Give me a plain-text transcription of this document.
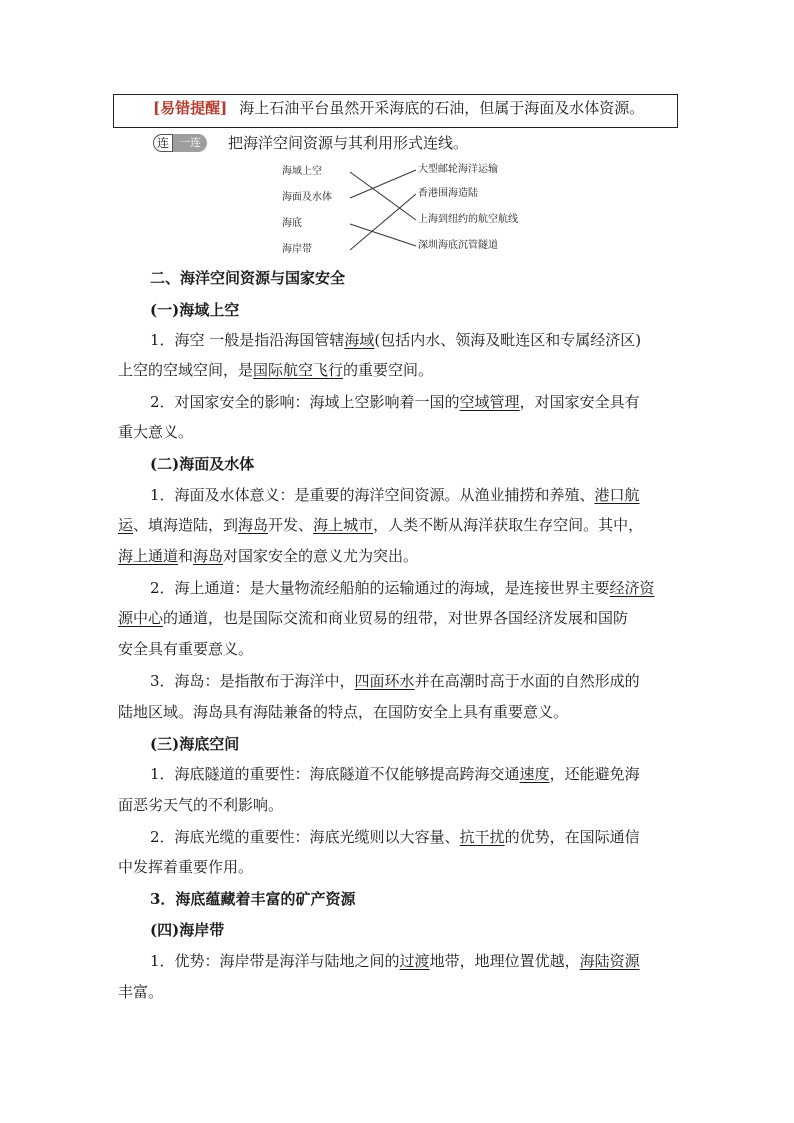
[易错提醒] 海上石油平台虽然开采海底的石油，但属于海面及水体资源。
连 一连	把海洋空间资源与其利用形式连线。
海域上空
海面及水体
海底
海岸带
大型邮轮海洋运输
香港围海造陆
上海到纽约的航空航线
深圳海底沉管隧道
二、海洋空间资源与国家安全
(一)海域上空
1．海空 一般是指沿海国管辖海域(包括内水、领海及毗连区和专属经济区)
上空的空域空间，是国际航空飞行的重要空间。
2．对国家安全的影响：海域上空影响着一国的空域管理，对国家安全具有
重大意义。
(二)海面及水体
1．海面及水体意义：是重要的海洋空间资源。从渔业捕捞和养殖、港口航
运、填海造陆，到海岛开发、海上城市，人类不断从海洋获取生存空间。其中，
海上通道和海岛对国家安全的意义尤为突出。
2．海上通道：是大量物流经船舶的运输通过的海域，是连接世界主要经济资
源中心的通道，也是国际交流和商业贸易的纽带，对世界各国经济发展和国防
安全具有重要意义。
3．海岛：是指散布于海洋中，四面环水并在高潮时高于水面的自然形成的
陆地区域。海岛具有海陆兼备的特点，在国防安全上具有重要意义。
(三)海底空间
1．海底隧道的重要性：海底隧道不仅能够提高跨海交通速度，还能避免海
面恶劣天气的不利影响。
2．海底光缆的重要性：海底光缆则以大容量、抗干扰的优势，在国际通信
中发挥着重要作用。
3．海底蕴藏着丰富的矿产资源
(四)海岸带
1．优势：海岸带是海洋与陆地之间的过渡地带，地理位置优越，海陆资源
丰富。
